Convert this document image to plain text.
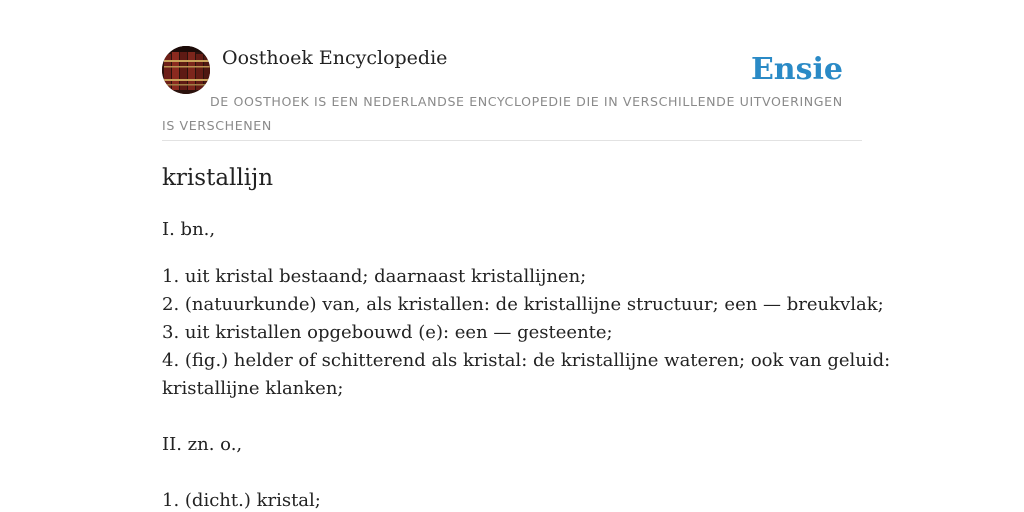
Oosthoek Encyclopedie	Ensie
DE OOSTHOEK IS EEN NEDERLANDSE ENCYCLOPEDIE DIE IN VERSCHILLENDE UITVOERINGEN IS VERSCHENEN
kristallijn
I. bn.,
1. uit kristal bestaand; daarnaast kristallijnen;
2. (natuurkunde) van, als kristallen: de kristallijne structuur; een — breukvlak;
3. uit kristallen opgebouwd (e): een — gesteente;
4. (fig.) helder of schitterend als kristal: de kristallijne wateren; ook van geluid:
kristallijne klanken;
II. zn. o.,
1. (dicht.) kristal;
